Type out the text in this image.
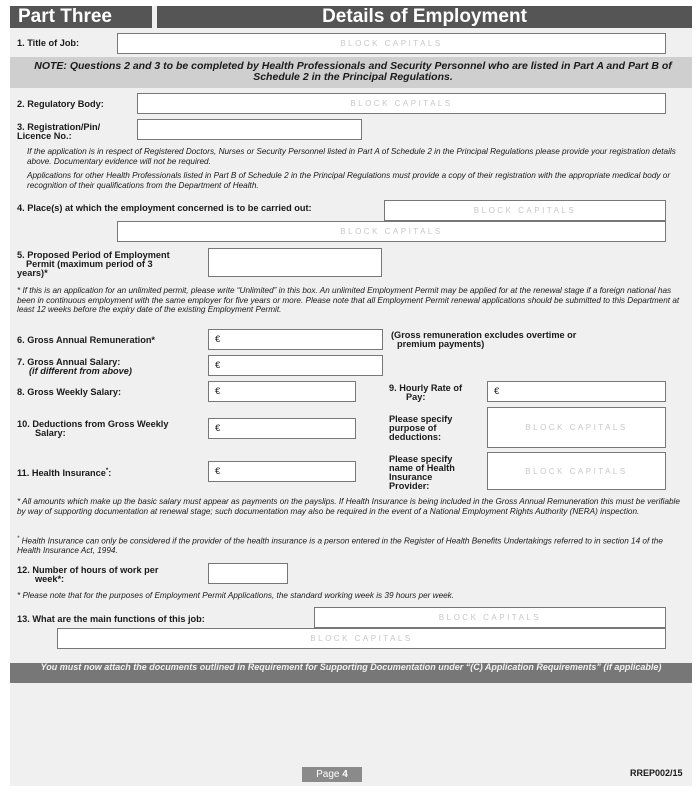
Part Three	Details of Employment
1. Title of Job:	BLOCK CAPITALS
NOTE: Questions 2 and 3 to be completed by Health Professionals and Security Personnel who are listed in Part A and Part B of Schedule 2 in the Principal Regulations.
2. Regulatory Body:	BLOCK CAPITALS
3. Registration/Pin/
Licence No.:
If the application is in respect of Registered Doctors, Nurses or Security Personnel listed in Part A of Schedule 2 in the Principal Regulations please provide your registration details above. Documentary evidence will not be required.
Applications for other Health Professionals listed in Part B of Schedule 2 in the Principal Regulations must provide a copy of their registration with the appropriate medical body or recognition of their qualifications from the Department of Health.
4. Place(s) at which the employment concerned is to be carried out:	BLOCK CAPITALS
BLOCK CAPITALS
5. Proposed Period of Employment
Permit (maximum period of 3
years)*
* If this is an application for an unlimited permit, please write “Unlimited” in this box. An unlimited Employment Permit may be applied for at the renewal stage if a foreign national has been in continuous employment with the same employer for five years or more. Please note that all Employment Permit renewal applications should be submitted to this Department at least 12 weeks before the expiry date of the existing Employment Permit.
6. Gross Annual Remuneration*	€	(Gross remuneration excludes overtime or
premium payments)
7. Gross Annual Salary:
(if different from above)	€
8. Gross Weekly Salary:	€	9. Hourly Rate of
Pay:	€
10. Deductions from Gross Weekly
Salary:	€
Please specify
purpose of
deductions:
BLOCK CAPITALS
11. Health Insurance*:	€
Please specify
name of Health
Insurance
Provider:
BLOCK CAPITALS
* All amounts which make up the basic salary must appear as payments on the payslips. If Health Insurance is being included in the Gross Annual Remuneration this must be verifiable by way of supporting documentation at renewal stage; such documentation may also be required in the event of a National Employment Rights Authority (NERA) inspection.
* Health Insurance can only be considered if the provider of the health insurance is a person entered in the Register of Health Benefits Undertakings referred to in section 14 of the Health Insurance Act, 1994.
12. Number of hours of work per
week*:
* Please note that for the purposes of Employment Permit Applications, the standard working week is 39 hours per week.
13. What are the main functions of this job:	BLOCK CAPITALS
BLOCK CAPITALS
You must now attach the documents outlined in Requirement for Supporting Documentation under “(C) Application Requirements” (if applicable)
Page 4	RREP002/15
